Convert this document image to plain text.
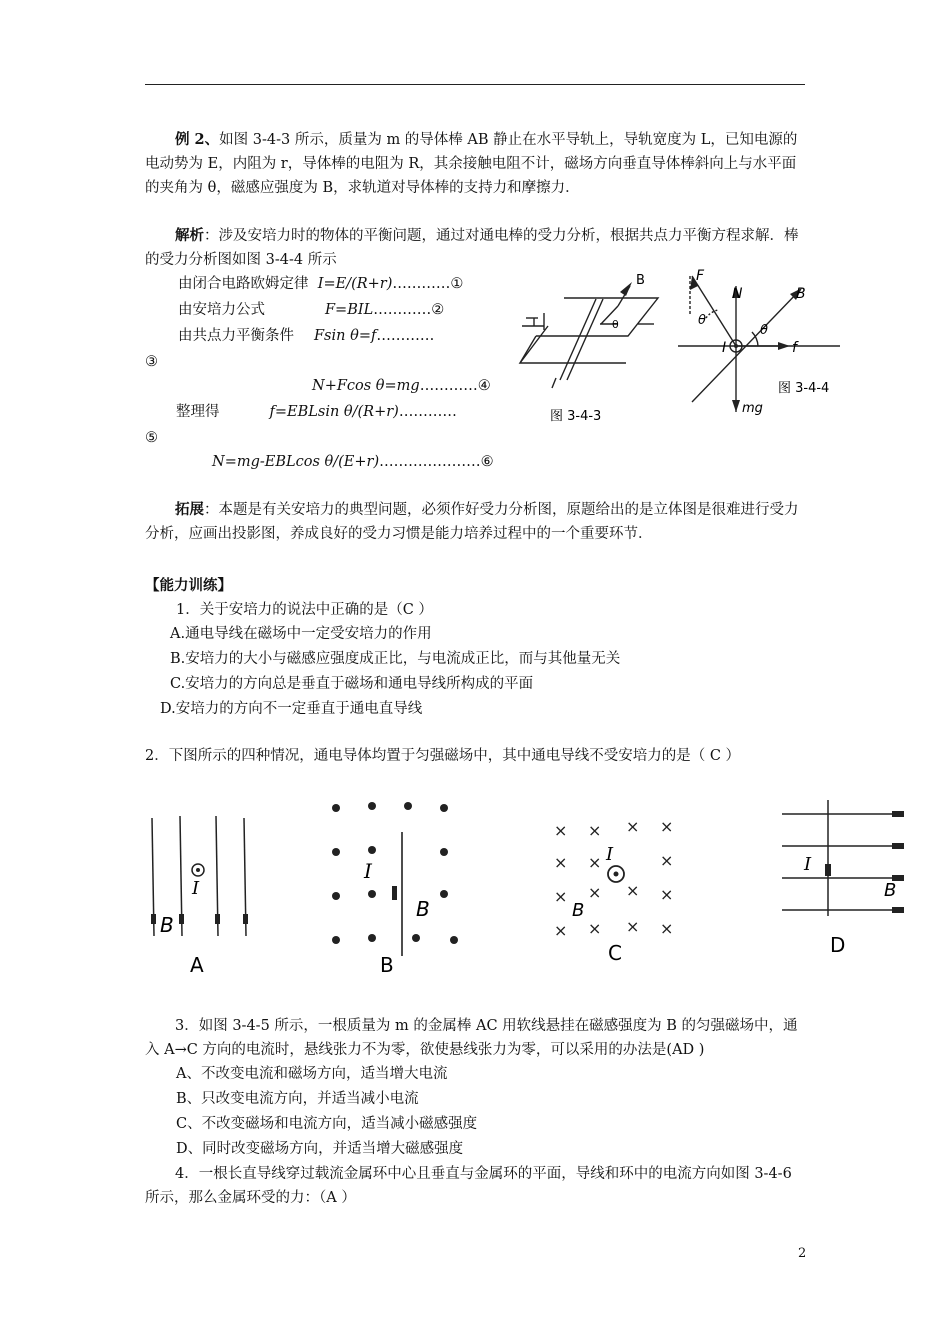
例 2、如图 3-4-3 所示，质量为 m 的导体棒 AB 静止在水平导轨上，导轨宽度为 L，已知电源的电动势为 E，内阻为 r，导体棒的电阻为 R，其余接触电阻不计，磁场方向垂直导体棒斜向上与水平面的夹角为 θ，磁感应强度为 B，求轨道对导体棒的支持力和摩擦力．

解析：涉及安培力时的物体的平衡问题，通过对通电棒的受力分析，根据共点力平衡方程求解．棒的受力分析图如图 3-4-4 所示

由闭合电路欧姆定律 I=E/(R+r)…………①
由安培力公式	F=BIL…………②
由共点力平衡条件 Fsin θ=f…………
③
N+Fcos θ=mg…………④
整理得	f=EBLsin θ/(R+r)…………
⑤
N=mg-EBLcos θ/(E+r)…………………⑥
B
θ
图 3-4-3
F
N	B
θ
θ
I	f
mg
图 3-4-4

拓展：本题是有关安培力的典型问题，必须作好受力分析图，原题给出的是立体图是很难进行受力分析，应画出投影图，养成良好的受力习惯是能力培养过程中的一个重要环节．

【能力训练】
1．关于安培力的说法中正确的是（C ）
A.通电导线在磁场中一定受安培力的作用
B.安培力的大小与磁感应强度成正比，与电流成正比，而与其他量无关
C.安培力的方向总是垂直于磁场和通电导线所构成的平面
D.安培力的方向不一定垂直于通电直导线
2．下图所示的四种情况，通电导体均置于匀强磁场中，其中通电导线不受安培力的是（ C ）
I
B
A
I
B
B
× × × ×
× ×	×
× × × ×
× × × ×
I
B
C
I
B
D

3．如图 3-4-5 所示，一根质量为 m 的金属棒 AC 用软线悬挂在磁感强度为 B 的匀强磁场中，通入 A→C 方向的电流时，悬线张力不为零，欲使悬线张力为零，可以采用的办法是(AD )

A、不改变电流和磁场方向，适当增大电流
B、只改变电流方向，并适当减小电流
C、不改变磁场和电流方向，适当减小磁感强度
D、同时改变磁场方向，并适当增大磁感强度

4．一根长直导线穿过载流金属环中心且垂直与金属环的平面，导线和环中的电流方向如图 3-4-6 所示，那么金属环受的力：（A ）

2
